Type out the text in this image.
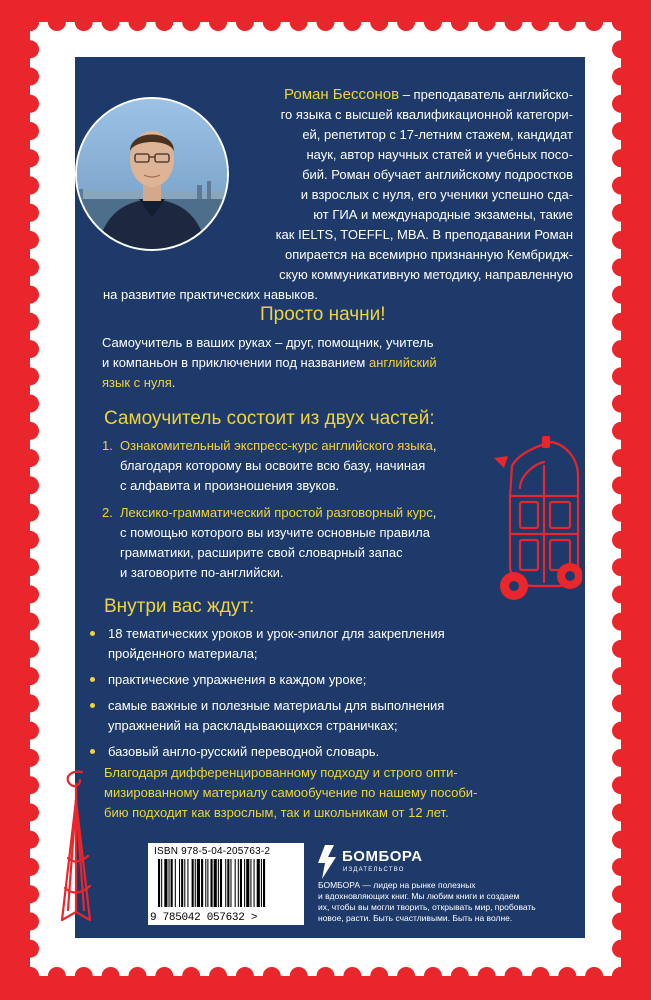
Роман Бессонов – преподаватель английско-
го языка с высшей квалификационной категори-
ей, репетитор с 17-летним стажем, кандидат
наук, автор научных статей и учебных посо-
бий. Роман обучает английскому подростков
и взрослых с нуля, его ученики успешно сда-
ют ГИА и международные экзамены, такие
как IELTS, TOEFFL, MBA. В преподавании Роман
опирается на всемирно признанную Кембридж-
скую коммуникативную методику, направленную
на развитие практических навыков.

Просто начни!

Самоучитель в ваших руках – друг, помощник, учитель
и компаньон в приключении под названием английский
язык с нуля.

Самоучитель состоит из двух частей:

1. Ознакомительный экспресс-курс английского языка,
благодаря которому вы освоите всю базу, начиная
с алфавита и произношения звуков.
2. Лексико-грамматический простой разговорный курс,
с помощью которого вы изучите основные правила
грамматики, расширите свой словарный запас
и заговорите по-английски.

Внутри вас ждут:

18 тематических уроков и урок-эпилог для закрепления
пройденного материала;
практические упражнения в каждом уроке;
самые важные и полезные материалы для выполнения
упражнений на раскладывающихся страничках;
базовый англо-русский переводной словарь.

Благодаря дифференцированному подходу и строго опти-
мизированному материалу самообучение по нашему пособи-
бию подходит как взрослым, так и школьникам от 12 лет.

ISBN 978-5-04-205763-2
9 785042 057632 >
БОМБОРА
ИЗДАТЕЛЬСТВО

БОМБОРА — лидер на рынке полезных
и вдохновляющих книг. Мы любим книги и создаем
их, чтобы вы могли творить, открывать мир, пробовать
новое, расти. Быть счастливыми. Быть на волне.
